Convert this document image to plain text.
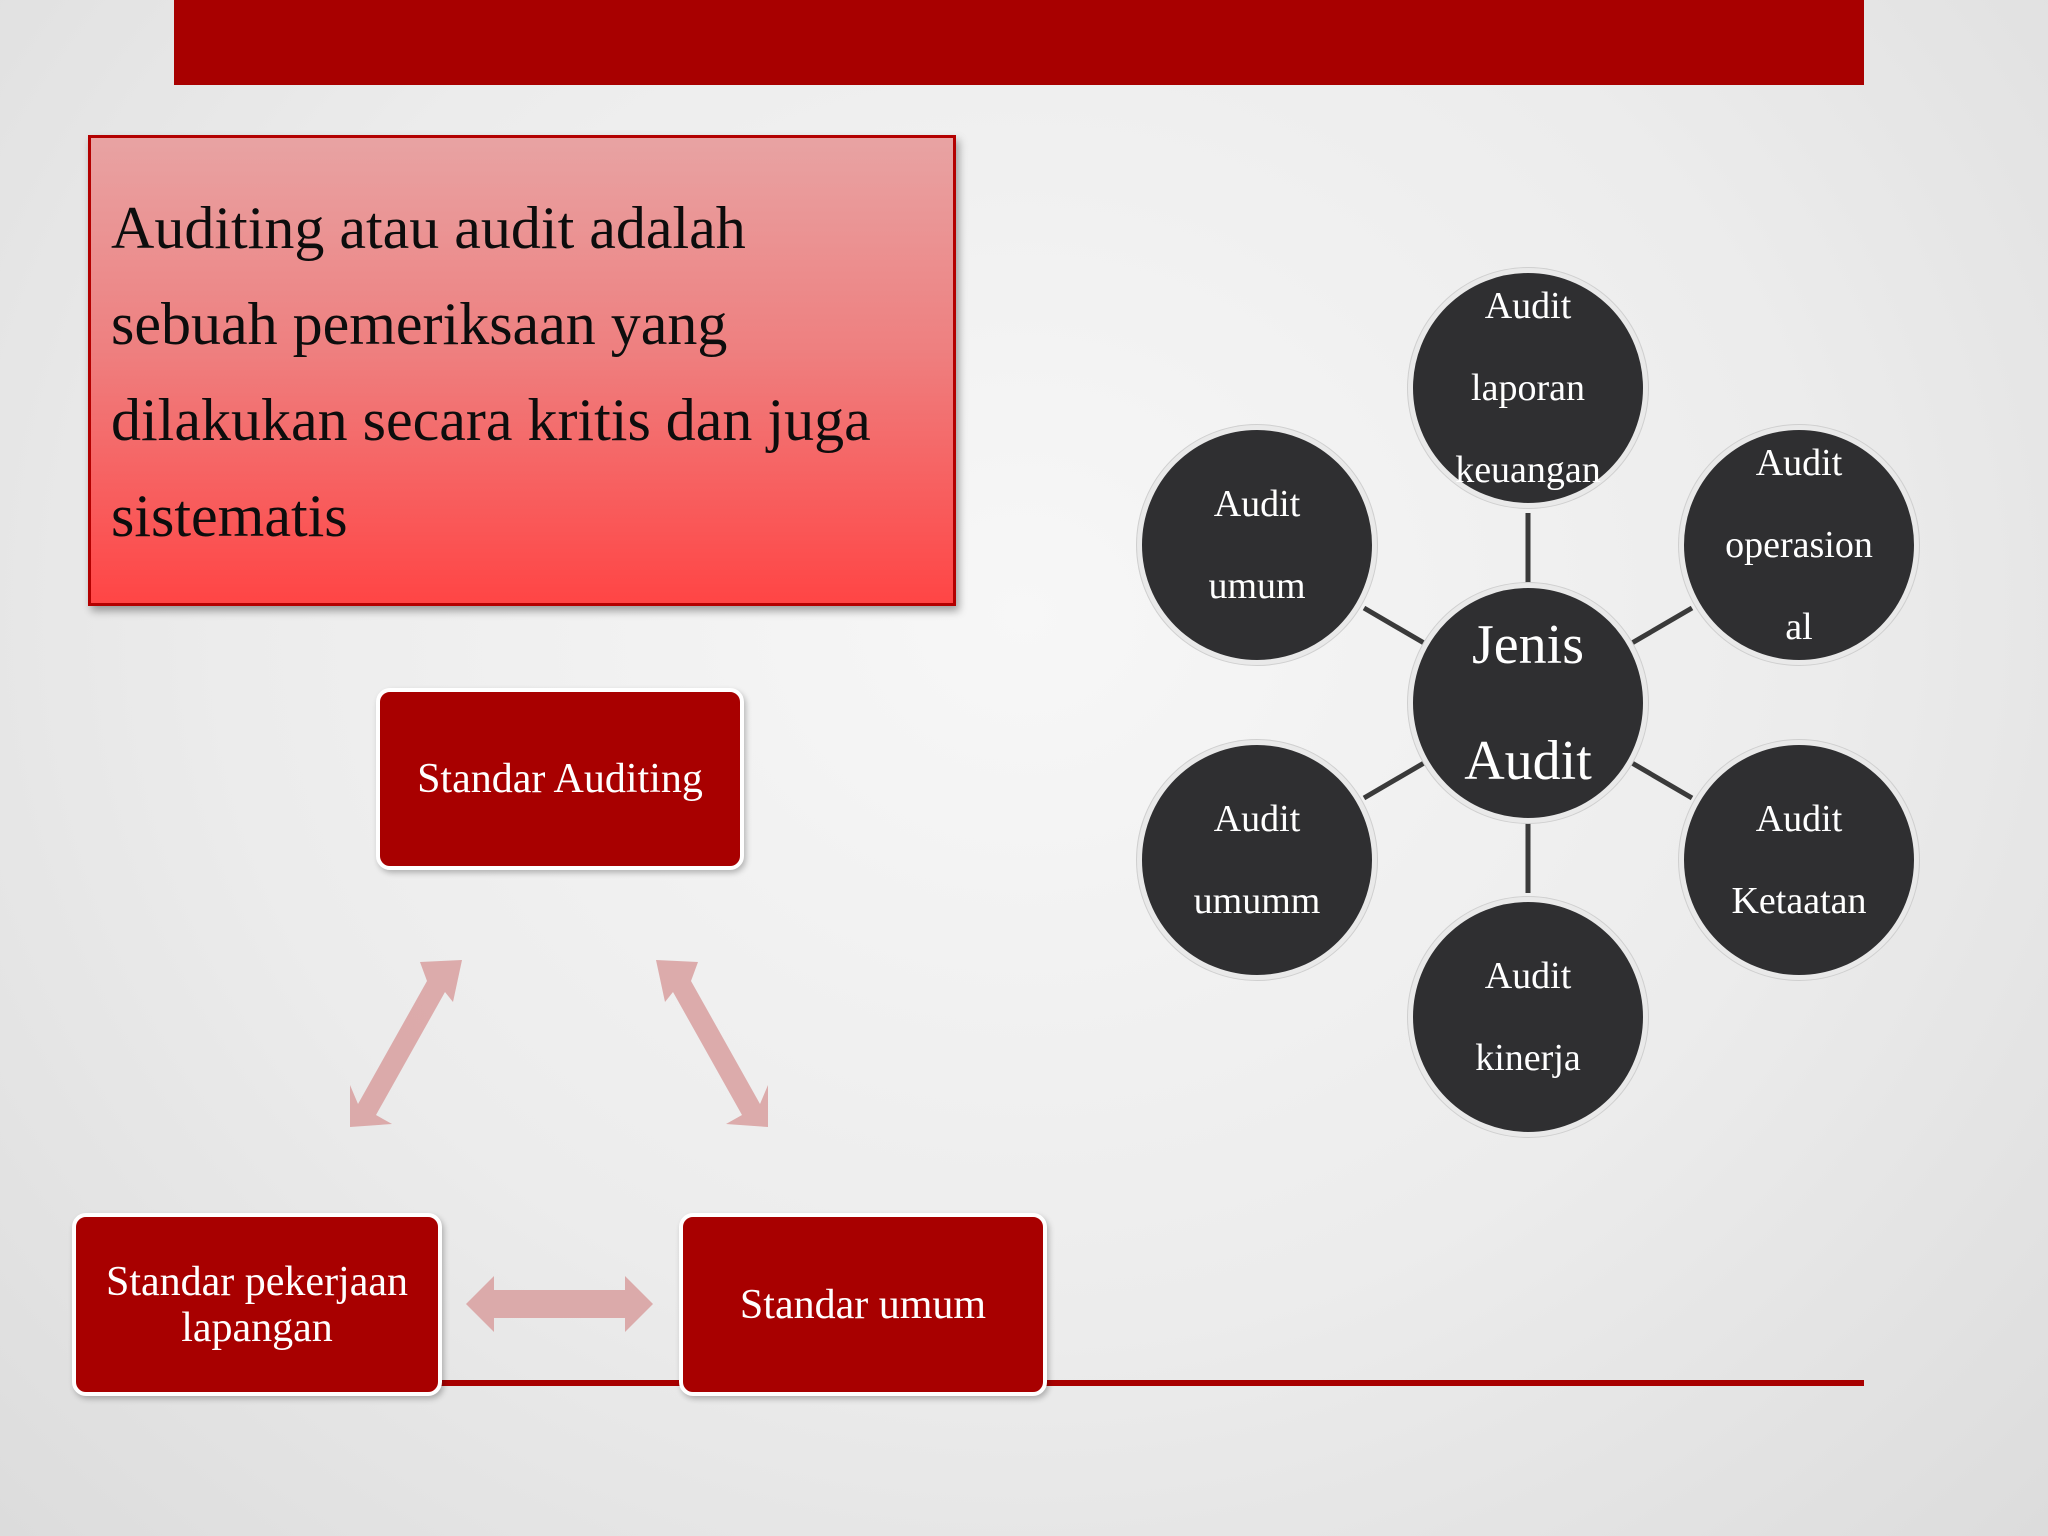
Auditing atau audit adalah
sebuah pemeriksaan yang
dilakukan secara kritis dan juga
sistematis

Standar Auditing
Standar pekerjaan
lapangan	Standar umum
Jenis

Audit
Audit

laporan

keuangan	Audit

operasion

al
Audit

Ketaatan
Audit

kinerja
Audit

umumm
Audit

umum
